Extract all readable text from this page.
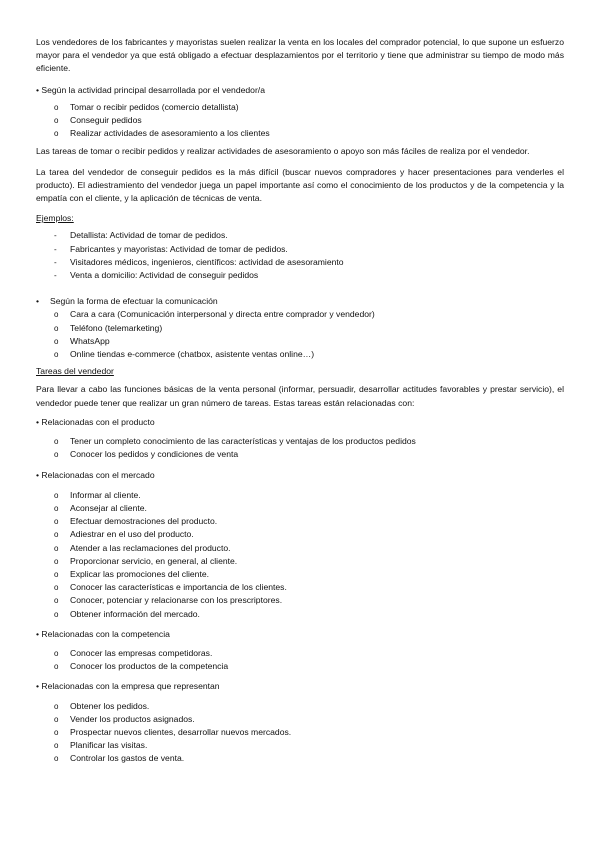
Los vendedores de los fabricantes y mayoristas suelen realizar la venta en los locales del comprador potencial, lo que supone un esfuerzo mayor para el vendedor ya que está obligado a efectuar desplazamientos por el territorio y tiene que administrar su tiempo de modo más eficiente.

• Según la actividad principal desarrollada por el vendedor/a

o Tomar o recibir pedidos (comercio detallista)
o Conseguir pedidos
o Realizar actividades de asesoramiento a los clientes

Las tareas de tomar o recibir pedidos y realizar actividades de asesoramiento o apoyo son más fáciles de realiza por el vendedor.

La tarea del vendedor de conseguir pedidos es la más difícil (buscar nuevos compradores y hacer presentaciones para venderles el producto). El adiestramiento del vendedor juega un papel importante así como el conocimiento de los productos y de la competencia y la empatía con el cliente, y la aplicación de técnicas de venta.

Ejemplos:

- Detallista: Actividad de tomar de pedidos.
- Fabricantes y mayoristas: Actividad de tomar de pedidos.
- Visitadores médicos, ingenieros, científicos: actividad de asesoramiento
- Venta a domicilio: Actividad de conseguir pedidos

• Según la forma de efectuar la comunicación

o Cara a cara (Comunicación interpersonal y directa entre comprador y vendedor)
o Teléfono (telemarketing)
o WhatsApp
o Online tiendas e-commerce (chatbox, asistente ventas online…)

Tareas del vendedor

Para llevar a cabo las funciones básicas de la venta personal (informar, persuadir, desarrollar actitudes favorables y prestar servicio), el vendedor puede tener que realizar un gran número de tareas. Estas tareas están relacionadas con:

• Relacionadas con el producto

o Tener un completo conocimiento de las características y ventajas de los productos pedidos
o Conocer los pedidos y condiciones de venta

• Relacionadas con el mercado

o Informar al cliente.
o Aconsejar al cliente.
o Efectuar demostraciones del producto.
o Adiestrar en el uso del producto.
o Atender a las reclamaciones del producto.
o Proporcionar servicio, en general, al cliente.
o Explicar las promociones del cliente.
o Conocer las características e importancia de los clientes.
o Conocer, potenciar y relacionarse con los prescriptores.
o Obtener información del mercado.

• Relacionadas con la competencia

o Conocer las empresas competidoras.
o Conocer los productos de la competencia

• Relacionadas con la empresa que representan

o Obtener los pedidos.
o Vender los productos asignados.
o Prospectar nuevos clientes, desarrollar nuevos mercados.
o Planificar las visitas.
o Controlar los gastos de venta.
